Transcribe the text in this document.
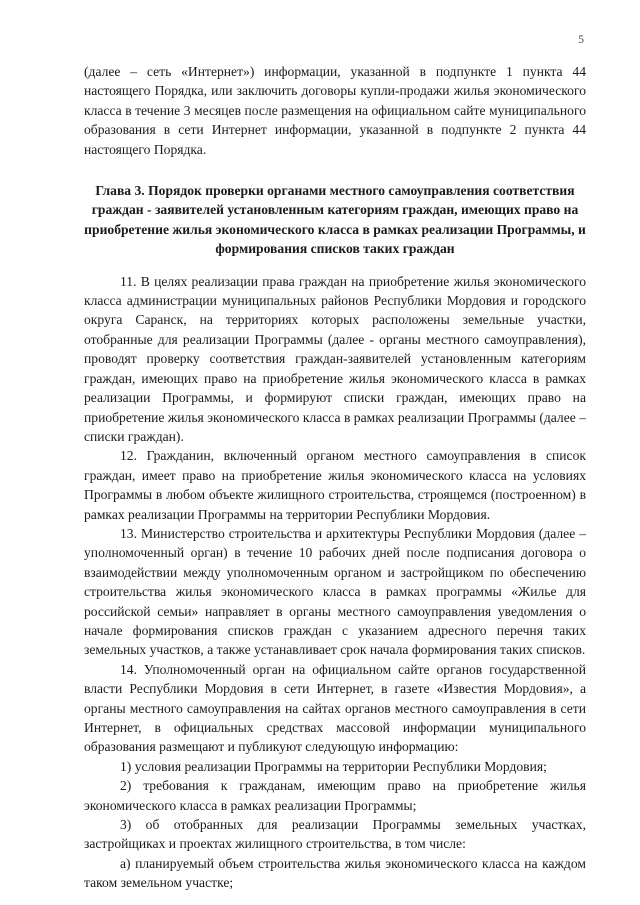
5

(далее – сеть «Интернет») информации, указанной в подпункте 1 пункта 44 настоящего Порядка, или заключить договоры купли-продажи жилья экономического класса в течение 3 месяцев после размещения на официальном сайте муниципального образования в сети Интернет информации, указанной в подпункте 2 пункта 44 настоящего Порядка.

Глава 3. Порядок проверки органами местного самоуправления соответствия граждан - заявителей установленным категориям граждан, имеющих право на приобретение жилья экономического класса в рамках реализации Программы, и формирования списков таких граждан

11. В целях реализации права граждан на приобретение жилья экономического класса администрации муниципальных районов Республики Мордовия и городского округа Саранск, на территориях которых расположены земельные участки, отобранные для реализации Программы (далее - органы местного самоуправления), проводят проверку соответствия граждан-заявителей установленным категориям граждан, имеющих право на приобретение жилья экономического класса в рамках реализации Программы, и формируют списки граждан, имеющих право на приобретение жилья экономического класса в рамках реализации Программы (далее – списки граждан).

12. Гражданин, включенный органом местного самоуправления в список граждан, имеет право на приобретение жилья экономического класса на условиях Программы в любом объекте жилищного строительства, строящемся (построенном) в рамках реализации Программы на территории Республики Мордовия.

13. Министерство строительства и архитектуры Республики Мордовия (далее – уполномоченный орган) в течение 10 рабочих дней после подписания договора о взаимодействии между уполномоченным органом и застройщиком по обеспечению строительства жилья экономического класса в рамках программы «Жилье для российской семьи» направляет в органы местного самоуправления уведомления о начале формирования списков граждан с указанием адресного перечня таких земельных участков, а также устанавливает срок начала формирования таких списков.

14. Уполномоченный орган на официальном сайте органов государственной власти Республики Мордовия в сети Интернет, в газете «Известия Мордовия», а органы местного самоуправления на сайтах органов местного самоуправления в сети Интернет, в официальных средствах массовой информации муниципального образования размещают и публикуют следующую информацию:

1) условия реализации Программы на территории Республики Мордовия;

2) требования к гражданам, имеющим право на приобретение жилья экономического класса в рамках реализации Программы;

3) об отобранных для реализации Программы земельных участках, застройщиках и проектах жилищного строительства, в том числе:

а) планируемый объем строительства жилья экономического класса на каждом таком земельном участке;
